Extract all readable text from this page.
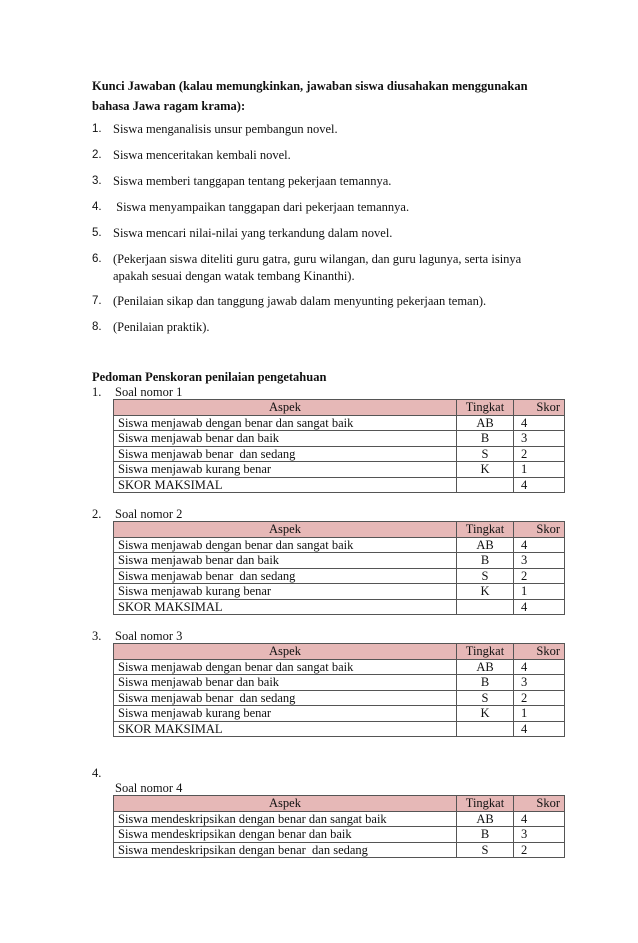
Kunci Jawaban (kalau memungkinkan, jawaban siswa diusahakan menggunakan
bahasa Jawa ragam krama):
1. Siswa menganalisis unsur pembangun novel.
2. Siswa menceritakan kembali novel.
3. Siswa memberi tanggapan tentang pekerjaan temannya.
4. Siswa menyampaikan tanggapan dari pekerjaan temannya.
5. Siswa mencari nilai-nilai yang terkandung dalam novel.
6. (Pekerjaan siswa diteliti guru gatra, guru wilangan, dan guru lagunya, serta isinya
apakah sesuai dengan watak tembang Kinanthi).
7. (Penilaian sikap dan tanggung jawab dalam menyunting pekerjaan teman).
8. (Penilaian praktik).
Pedoman Penskoran penilaian pengetahuan
1. Soal nomor 1
Aspek	Tingkat	Skor
Siswa menjawab dengan benar dan sangat baik	AB	4
Siswa menjawab benar dan baik	B	3
Siswa menjawab benar  dan sedang	S	2
Siswa menjawab kurang benar	K	1
SKOR MAKSIMAL		4
2. Soal nomor 2
Aspek	Tingkat	Skor
Siswa menjawab dengan benar dan sangat baik	AB	4
Siswa menjawab benar dan baik	B	3
Siswa menjawab benar  dan sedang	S	2
Siswa menjawab kurang benar	K	1
SKOR MAKSIMAL		4
3. Soal nomor 3
Aspek	Tingkat	Skor
Siswa menjawab dengan benar dan sangat baik	AB	4
Siswa menjawab benar dan baik	B	3
Siswa menjawab benar  dan sedang	S	2
Siswa menjawab kurang benar	K	1
SKOR MAKSIMAL		4
4.
Soal nomor 4
Aspek	Tingkat	Skor
Siswa mendeskripsikan dengan benar dan sangat baik	AB	4
Siswa mendeskripsikan dengan benar dan baik	B	3
Siswa mendeskripsikan dengan benar  dan sedang	S	2
